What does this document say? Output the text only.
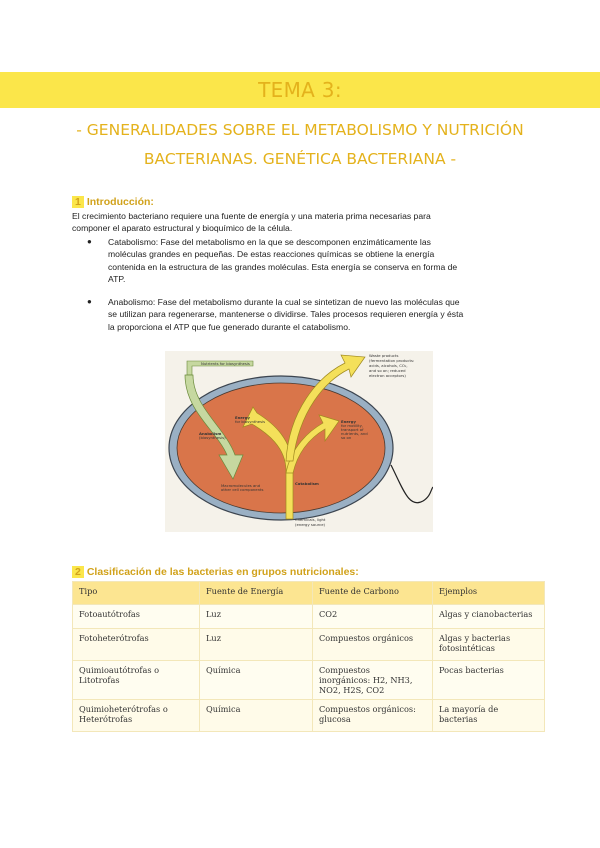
TEMA 3:
- GENERALIDADES SOBRE EL METABOLISMO Y NUTRICIÓN
BACTERIANAS. GENÉTICA BACTERIANA -
1 Introducción:
El crecimiento bacteriano requiere una fuente de energía y una materia prima necesarias para
componer el aparato estructural y bioquímico de la célula.
● Catabolismo: Fase del metabolismo en la que se descomponen enzimáticamente las
moléculas grandes en pequeñas. De estas reacciones químicas se obtiene la energía
contenida en la estructura de las grandes moléculas. Esta energía se conserva en forma de
ATP.
● Anabolismo: Fase del metabolismo durante la cual se sintetizan de nuevo las moléculas que
se utilizan para regenerarse, mantenerse o dividirse. Tales procesos requieren energía y ésta
la proporciona el ATP que fue generado durante el catabolismo.
Nutrients for biosynthesis
Waste products
(fermentation products:
acids, alcohols, CO₂,
and so on; reduced
electron acceptors)
Energy
for biosynthesis	Energy
for motility,
transport of
nutrients, and
so on
Anabolism
(biosynthesis)
Macromolecules and
other cell components
Catabolism
Chemicals, light
(energy source)
2 Clasificación de las bacterias en grupos nutricionales:
Tipo	Fuente de Energía	Fuente de Carbono	Ejemplos
Fotoautótrofas	Luz	CO2	Algas y cianobacterias
Fotoheterótrofas	Luz	Compuestos orgánicos	Algas y bacterias
fotosintéticas
Quimioautótrofas o
Litotrofas	Química	Compuestos
inorgánicos: H2, NH3,
NO2, H2S, CO2	Pocas bacterias
Quimioheterótrofas o
Heterótrofas	Química	Compuestos orgánicos:
glucosa	La mayoría de bacterias
